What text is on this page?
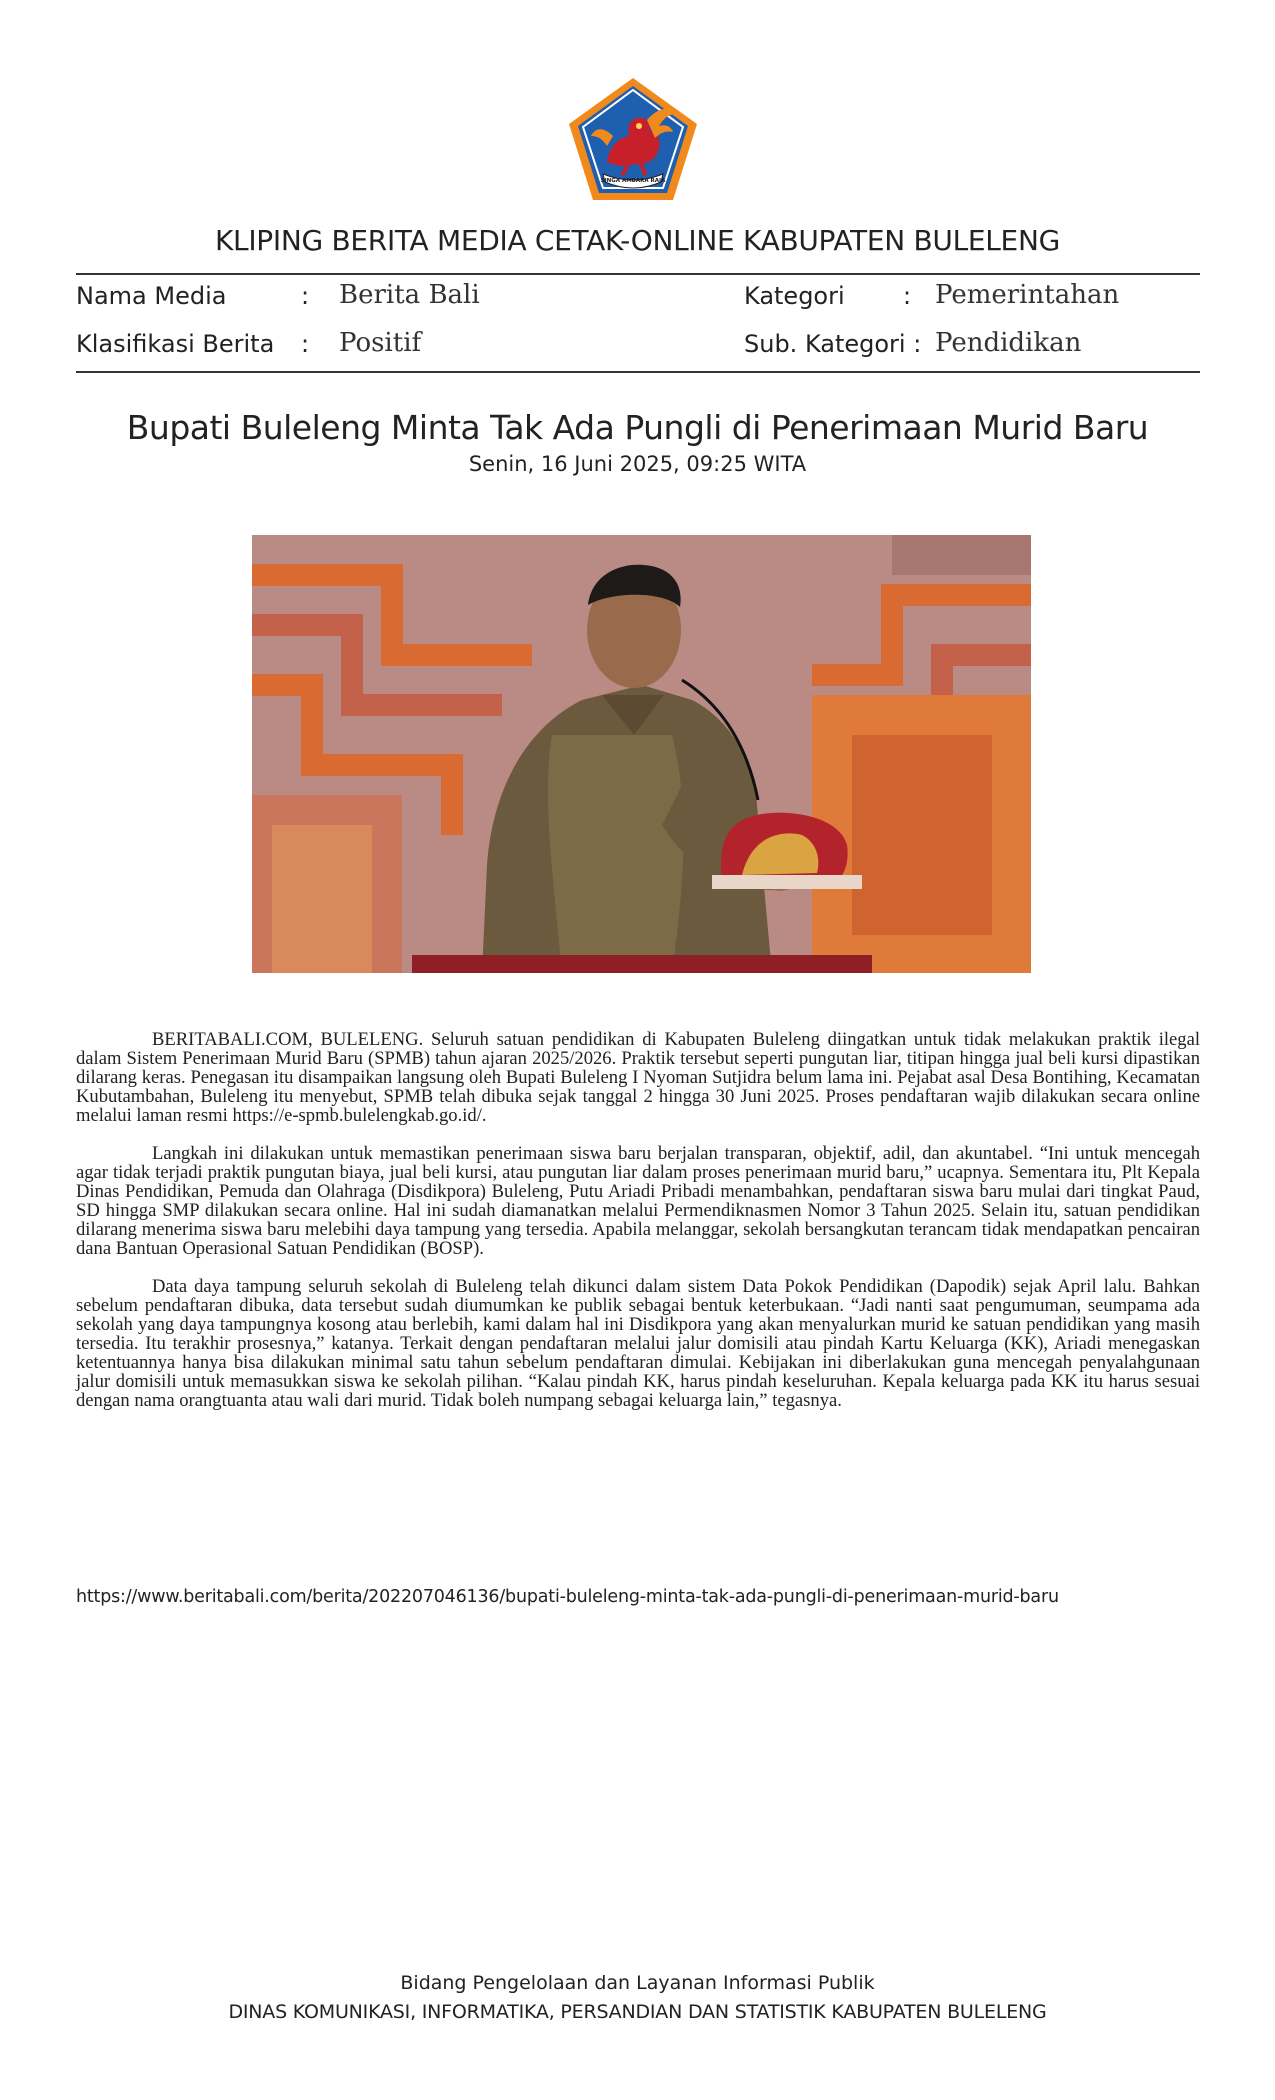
SINGA AMBARA RAJA
KLIPING BERITA MEDIA CETAK-ONLINE KABUPATEN BULELENG
Nama Media	: Berita Bali	Kategori : Pemerintahan
Klasifikasi Berita : Positif	Sub. Kategori : Pendidikan
Bupati Buleleng Minta Tak Ada Pungli di Penerimaan Murid Baru
Senin, 16 Juni 2025, 09:25 WITA

BERITABALI.COM, BULELENG. Seluruh satuan pendidikan di Kabupaten Buleleng diingatkan untuk tidak melakukan praktik ilegal dalam Sistem Penerimaan Murid Baru (SPMB) tahun ajaran 2025/2026. Praktik tersebut seperti pungutan liar, titipan hingga jual beli kursi dipastikan dilarang keras. Penegasan itu disampaikan langsung oleh Bupati Buleleng I Nyoman Sutjidra belum lama ini. Pejabat asal Desa Bontihing, Kecamatan Kubutambahan, Buleleng itu menyebut, SPMB telah dibuka sejak tanggal 2 hingga 30 Juni 2025. Proses pendaftaran wajib dilakukan secara online melalui laman resmi https://e-spmb.bulelengkab.go.id/.

Langkah ini dilakukan untuk memastikan penerimaan siswa baru berjalan transparan, objektif, adil, dan akuntabel. “Ini untuk mencegah agar tidak terjadi praktik pungutan biaya, jual beli kursi, atau pungutan liar dalam proses penerimaan murid baru,” ucapnya. Sementara itu, Plt Kepala Dinas Pendidikan, Pemuda dan Olahraga (Disdikpora) Buleleng, Putu Ariadi Pribadi menambahkan, pendaftaran siswa baru mulai dari tingkat Paud, SD hingga SMP dilakukan secara online. Hal ini sudah diamanatkan melalui Permendiknasmen Nomor 3 Tahun 2025. Selain itu, satuan pendidikan dilarang menerima siswa baru melebihi daya tampung yang tersedia. Apabila melanggar, sekolah bersangkutan terancam tidak mendapatkan pencairan dana Bantuan Operasional Satuan Pendidikan (BOSP).

Data daya tampung seluruh sekolah di Buleleng telah dikunci dalam sistem Data Pokok Pendidikan (Dapodik) sejak April lalu. Bahkan sebelum pendaftaran dibuka, data tersebut sudah diumumkan ke publik sebagai bentuk keterbukaan. “Jadi nanti saat pengumuman, seumpama ada sekolah yang daya tampungnya kosong atau berlebih, kami dalam hal ini Disdikpora yang akan menyalurkan murid ke satuan pendidikan yang masih tersedia. Itu terakhir prosesnya,” katanya. Terkait dengan pendaftaran melalui jalur domisili atau pindah Kartu Keluarga (KK), Ariadi menegaskan ketentuannya hanya bisa dilakukan minimal satu tahun sebelum pendaftaran dimulai. Kebijakan ini diberlakukan guna mencegah penyalahgunaan jalur domisili untuk memasukkan siswa ke sekolah pilihan. “Kalau pindah KK, harus pindah keseluruhan. Kepala keluarga pada KK itu harus sesuai dengan nama orangtuanta atau wali dari murid. Tidak boleh numpang sebagai keluarga lain,” tegasnya.

https://www.beritabali.com/berita/202207046136/bupati-buleleng-minta-tak-ada-pungli-di-penerimaan-murid-baru
Bidang Pengelolaan dan Layanan Informasi Publik
DINAS KOMUNIKASI, INFORMATIKA, PERSANDIAN DAN STATISTIK KABUPATEN BULELENG
